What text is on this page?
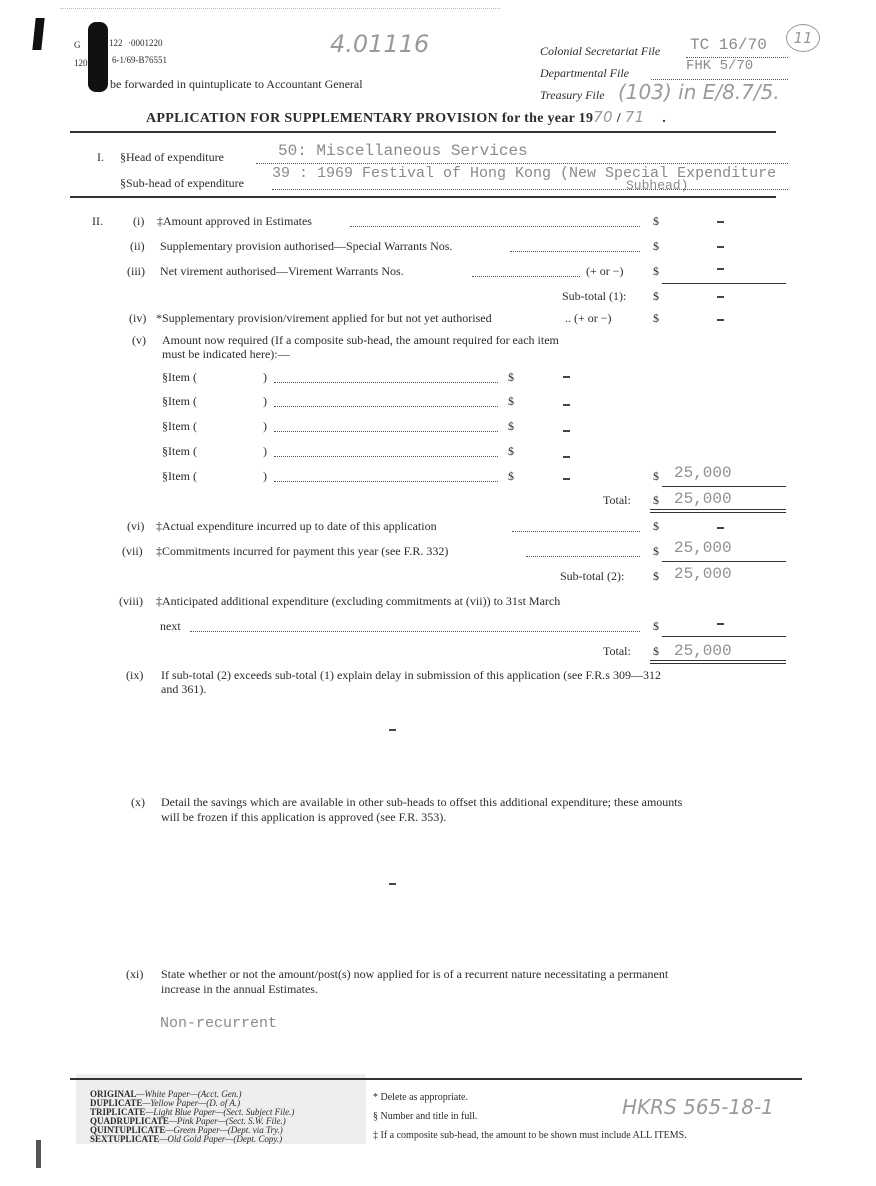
G	122 ·0001220
120	6-1/69-B76551
be forwarded in quintuplicate to Accountant General
4.01116	Colonial Secretariat File TC 16/70
Departmental File	FHK 5/70
Treasury File (103) in E/8.7/5.
11
APPLICATION FOR SUPPLEMENTARY PROVISION for the year 1970 / 71 .
I. §Head of expenditure	50: Miscellaneous Services
§Sub-head of expenditure
39 : 1969 Festival of Hong Kong (New Special Expenditure
Subhead)
II.	(i) ‡Amount approved in Estimates	$
(ii) Supplementary provision authorised—Special Warrants Nos.	$
(iii) Net virement authorised—Virement Warrants Nos.	(+ or −) $
Sub-total (1): $
(iv) *Supplementary provision/virement applied for but not yet authorised	.. (+ or −)	$
(v) Amount now required (If a composite sub-head, the amount required for each item
must be indicated here):—
§Item (	)	$
§Item (	)	$
§Item (	)	$
§Item (	)	$
§Item (	)	$	$ 25,000
Total: $ 25,000
(vi) ‡Actual expenditure incurred up to date of this application	$
(vii) ‡Commitments incurred for payment this year (see F.R. 332)	$ 25,000
Sub-total (2): $ 25,000
(viii) ‡Anticipated additional expenditure (excluding commitments at (vii)) to 31st March
next	$
Total: $ 25,000
(ix) If sub-total (2) exceeds sub-total (1) explain delay in submission of this application (see F.R.s 309—312
and 361).
(x) Detail the savings which are available in other sub-heads to offset this additional expenditure; these amounts
will be frozen if this application is approved (see F.R. 353).
(xi) State whether or not the amount/post(s) now applied for is of a recurrent nature necessitating a permanent
increase in the annual Estimates.
Non-recurrent
ORIGINAL—White Paper—(Acct. Gen.)
DUPLICATE—Yellow Paper—(D. of A.)
TRIPLICATE—Light Blue Paper—(Sect. Subject File.)
QUADRUPLICATE—Pink Paper—(Sect. S.W. File.)
QUINTUPLICATE—Green Paper—(Dept. via Try.)
SEXTUPLICATE—Old Gold Paper—(Dept. Copy.)
* Delete as appropriate.
§ Number and title in full.
‡ If a composite sub-head, the amount to be shown must include ALL ITEMS.
HKRS 565-18-1
